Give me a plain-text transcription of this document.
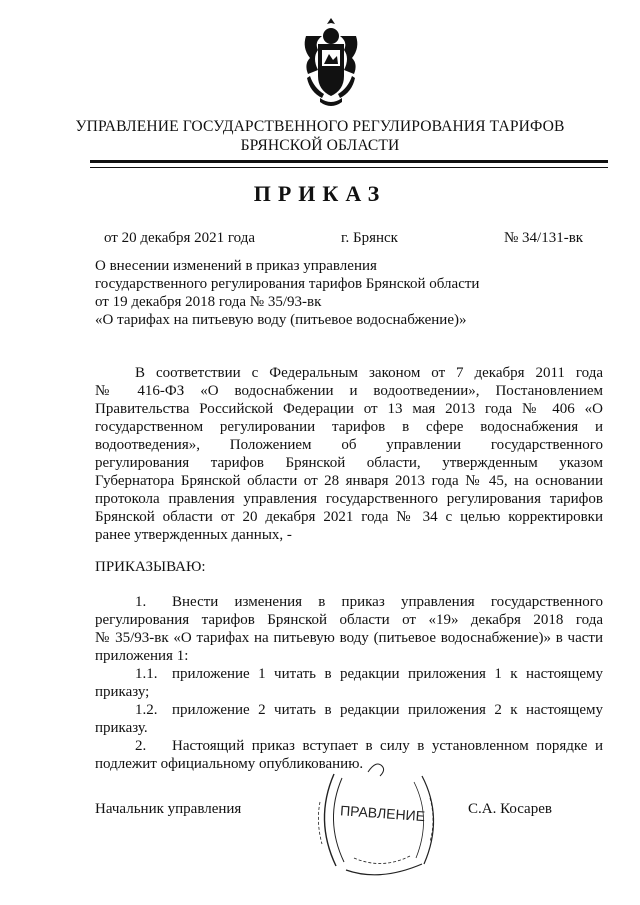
УПРАВЛЕНИЕ ГОСУДАРСТВЕННОГО РЕГУЛИРОВАНИЯ ТАРИФОВ
БРЯНСКОЙ ОБЛАСТИ
ПРИКАЗ
от 20 декабря 2021 года	г. Брянск	№ 34/131-вк
О внесении изменений в приказ управления
государственного регулирования тарифов Брянской области
от 19 декабря 2018 года № 35/93-вк
«О тарифах на питьевую воду (питьевое водоснабжение)»
В соответствии с Федеральным законом от 7 декабря 2011 года
№ 416-ФЗ «О водоснабжении и водоотведении», Постановлением
Правительства Российской Федерации от 13 мая 2013 года № 406 «О
государственном регулировании тарифов в сфере водоснабжения и
водоотведения», Положением об управлении государственного
регулирования тарифов Брянской области, утвержденным указом
Губернатора Брянской области от 28 января 2013 года № 45, на основании
протокола правления управления государственного регулирования тарифов
Брянской области от 20 декабря 2021 года № 34 с целью корректировки
ранее утвержденных данных, -
ПРИКАЗЫВАЮ:
1. Внести изменения в приказ управления государственного
регулирования тарифов Брянской области от «19» декабря 2018 года
№ 35/93-вк «О тарифах на питьевую воду (питьевое водоснабжение)» в части
приложения 1:
1.1. приложение 1 читать в редакции приложения 1 к настоящему
приказу;
1.2. приложение 2 читать в редакции приложения 2 к настоящему
приказу.
2. Настоящий приказ вступает в силу в установленном порядке и
подлежит официальному опубликованию.
Начальник управления	С.А. Косарев
ПРАВЛЕНИЕ
